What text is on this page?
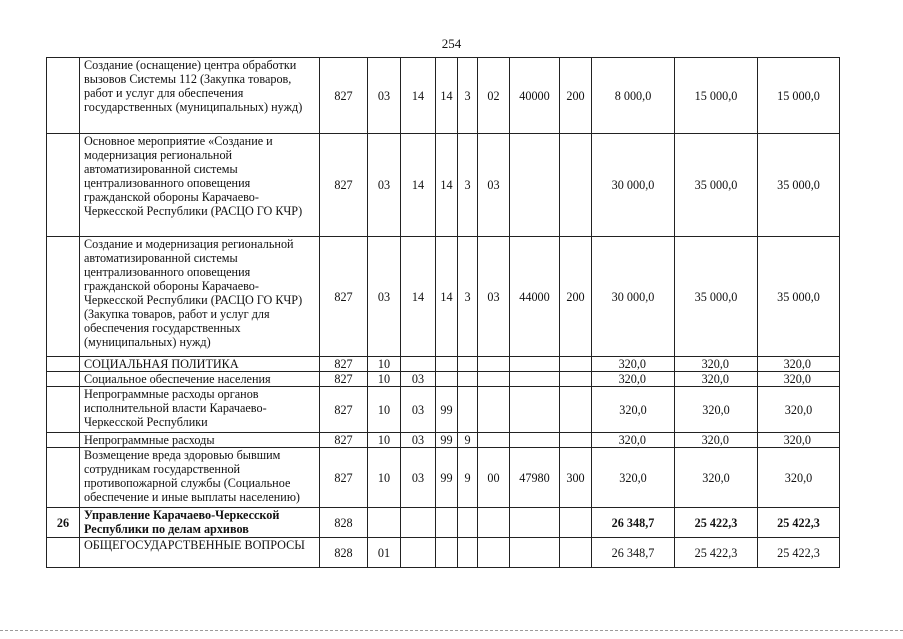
254
	Создание (оснащение) центра обработки вызовов Системы 112 (Закупка товаров, работ и услуг для обеспечения государственных (муниципальных) нужд)	827	03	14	14	3	02	40000	200	8 000,0	15 000,0	15 000,0
	Основное мероприятие «Создание и модернизация региональной автоматизированной системы централизованного оповещения гражданской обороны Карачаево-Черкесской Республики (РАСЦО ГО КЧР)	827	03	14	14	3	03			30 000,0	35 000,0	35 000,0
	Создание и модернизация региональной автоматизированной системы централизованного оповещения гражданской обороны Карачаево-Черкесской Республики (РАСЦО ГО КЧР) (Закупка товаров, работ и услуг для обеспечения государственных (муниципальных) нужд)	827	03	14	14	3	03	44000	200	30 000,0	35 000,0	35 000,0
	СОЦИАЛЬНАЯ ПОЛИТИКА	827	10							320,0	320,0	320,0
	Социальное обеспечение населения	827	10	03						320,0	320,0	320,0
	Непрограммные расходы органов исполнительной власти Карачаево-Черкесской Республики	827	10	03	99					320,0	320,0	320,0
	Непрограммные расходы	827	10	03	99	9				320,0	320,0	320,0
	Возмещение вреда здоровью бывшим сотрудникам государственной противопожарной службы (Социальное обеспечение и иные выплаты населению)	827	10	03	99	9	00	47980	300	320,0	320,0	320,0
26	Управление Карачаево-Черкесской Республики по делам архивов	828								26 348,7	25 422,3	25 422,3
	ОБЩЕГОСУДАРСТВЕННЫЕ ВОПРОСЫ	828	01							26 348,7	25 422,3	25 422,3
